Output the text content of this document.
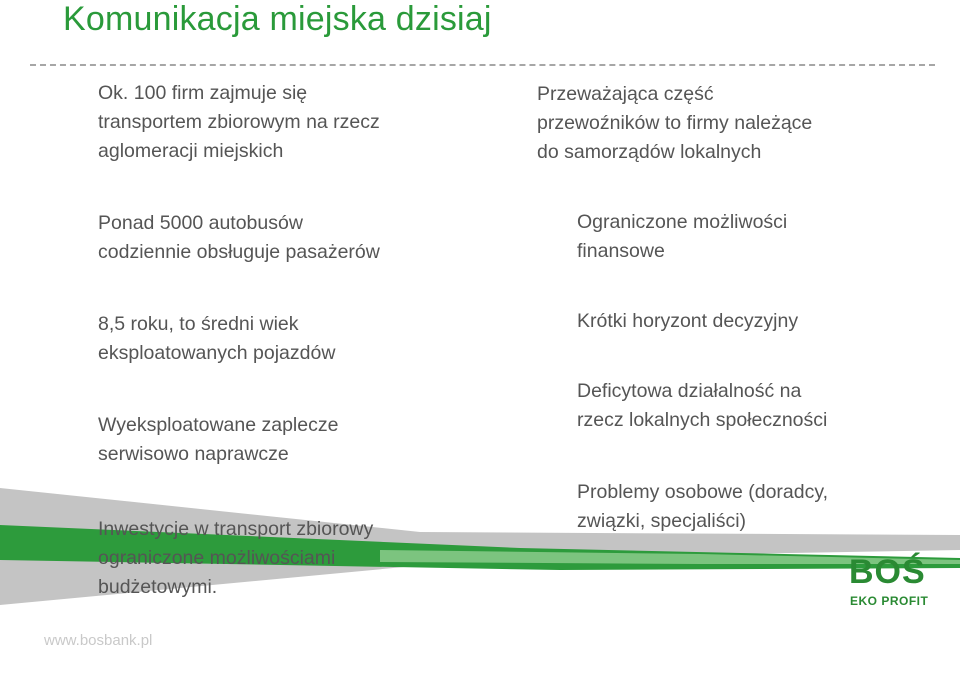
Komunikacja miejska dzisiaj
Ok. 100 firm zajmuje się
transportem zbiorowym na rzecz
aglomeracji miejskich
Ponad 5000 autobusów
codziennie obsługuje pasażerów
8,5 roku, to średni wiek
eksploatowanych pojazdów
Wyeksploatowane zaplecze
serwisowo naprawcze
Inwestycje w transport zbiorowy
ograniczone możliwościami
budżetowymi.
Przeważająca część
przewoźników to firmy należące
do samorządów lokalnych
Ograniczone możliwości
finansowe
Krótki horyzont decyzyjny
Deficytowa działalność na
rzecz lokalnych społeczności
Problemy osobowe (doradcy,
związki, specjaliści)
BOŚ
EKO PROFIT
www.bosbank.pl
